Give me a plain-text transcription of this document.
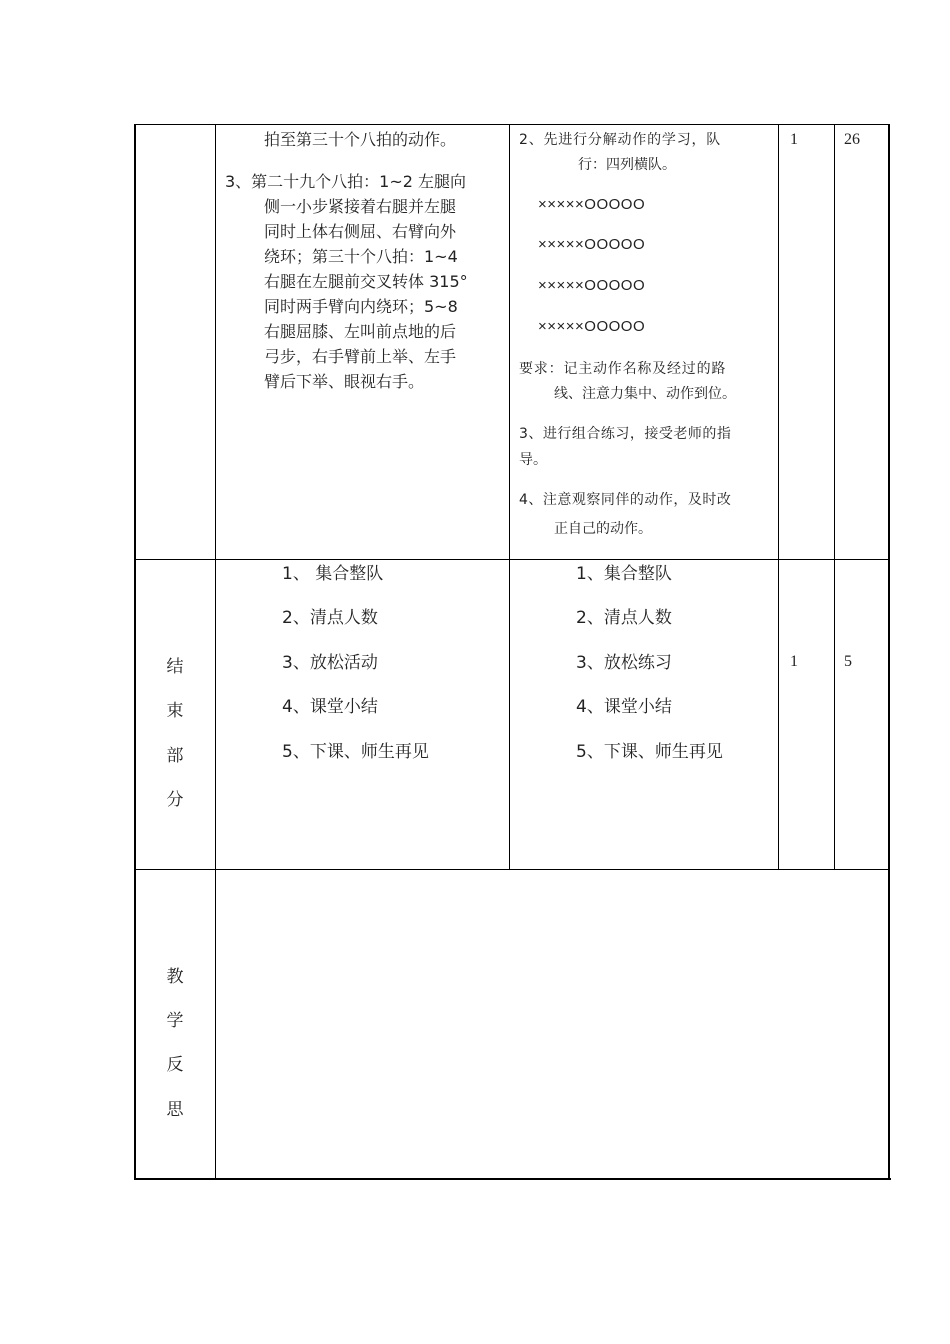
拍至第三十个八拍的动作。
3、第二十九个八拍：1~2 左腿向
侧一小步紧接着右腿并左腿
同时上体右侧屈、右臂向外
绕环；第三十个八拍：1~4
右腿在左腿前交叉转体 315°
同时两手臂向内绕环；5~8
右腿屈膝、左叫前点地的后
弓步，右手臂前上举、左手
臂后下举、眼视右手。
2、先进行分解动作的学习，队
行：四列横队。
×××××OOOOO
×××××OOOOO
×××××OOOOO
×××××OOOOO
要求：记主动作名称及经过的路
线、注意力集中、动作到位。
3、进行组合练习，接受老师的指
导。
4、注意观察同伴的动作，及时改
正自己的动作。
1	26
结
束
部
分
1、 集合整队
2、清点人数
3、放松活动
4、课堂小结
5、下课、师生再见
1、集合整队
2、清点人数
3、放松练习
4、课堂小结
5、下课、师生再见
1	5
教
学
反
思
